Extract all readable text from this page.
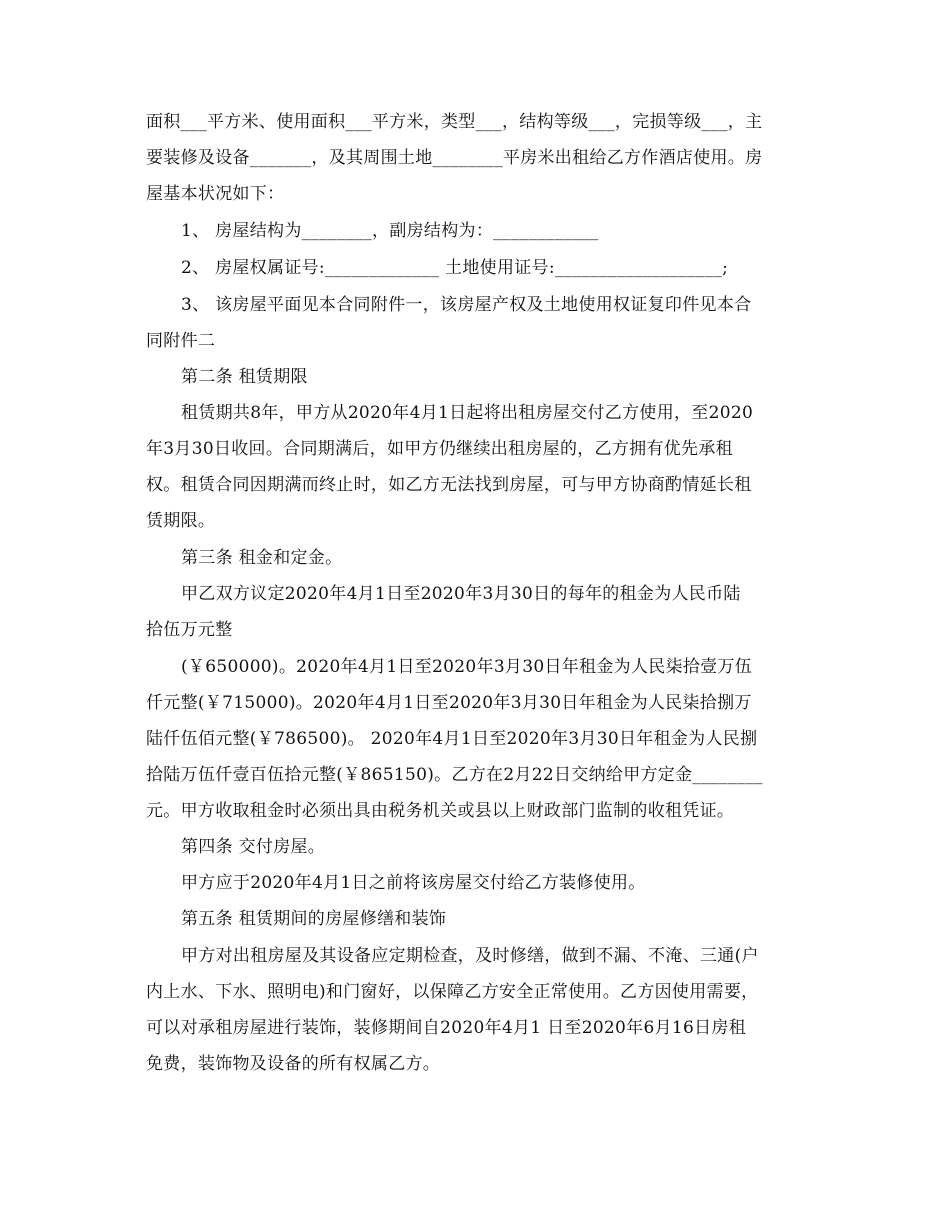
面积___平方米、使用面积___平方米，类型___，结构等级___，完损等级___，主
要装修及设备_______，及其周围土地________平房米出租给乙方作酒店使用。房
屋基本状况如下：
1、 房屋结构为________，副房结构为：____________
2、 房屋权属证号:_____________ 土地使用证号:___________________;
3、 该房屋平面见本合同附件一，该房屋产权及土地使用权证复印件见本合
同附件二
第二条 租赁期限
租赁期共8年，甲方从2020年4月1日起将出租房屋交付乙方使用，至2020
年3月30日收回。合同期满后，如甲方仍继续出租房屋的，乙方拥有优先承租
权。租赁合同因期满而终止时，如乙方无法找到房屋，可与甲方协商酌情延长租
赁期限。
第三条 租金和定金。
甲乙双方议定2020年4月1日至2020年3月30日的每年的租金为人民币陆
拾伍万元整
(￥650000)。2020年4月1日至2020年3月30日年租金为人民柒拾壹万伍
仟元整(￥715000)。2020年4月1日至2020年3月30日年租金为人民柒拾捌万
陆仟伍佰元整(￥786500)。 2020年4月1日至2020年3月30日年租金为人民捌
拾陆万伍仟壹百伍拾元整(￥865150)。乙方在2月22日交纳给甲方定金________
元。甲方收取租金时必须出具由税务机关或县以上财政部门监制的收租凭证。
第四条 交付房屋。
甲方应于2020年4月1日之前将该房屋交付给乙方装修使用。
第五条 租赁期间的房屋修缮和装饰
甲方对出租房屋及其设备应定期检查，及时修缮，做到不漏、不淹、三通(户
内上水、下水、照明电)和门窗好，以保障乙方安全正常使用。乙方因使用需要，
可以对承租房屋进行装饰，装修期间自2020年4月1 日至2020年6月16日房租
免费，装饰物及设备的所有权属乙方。
